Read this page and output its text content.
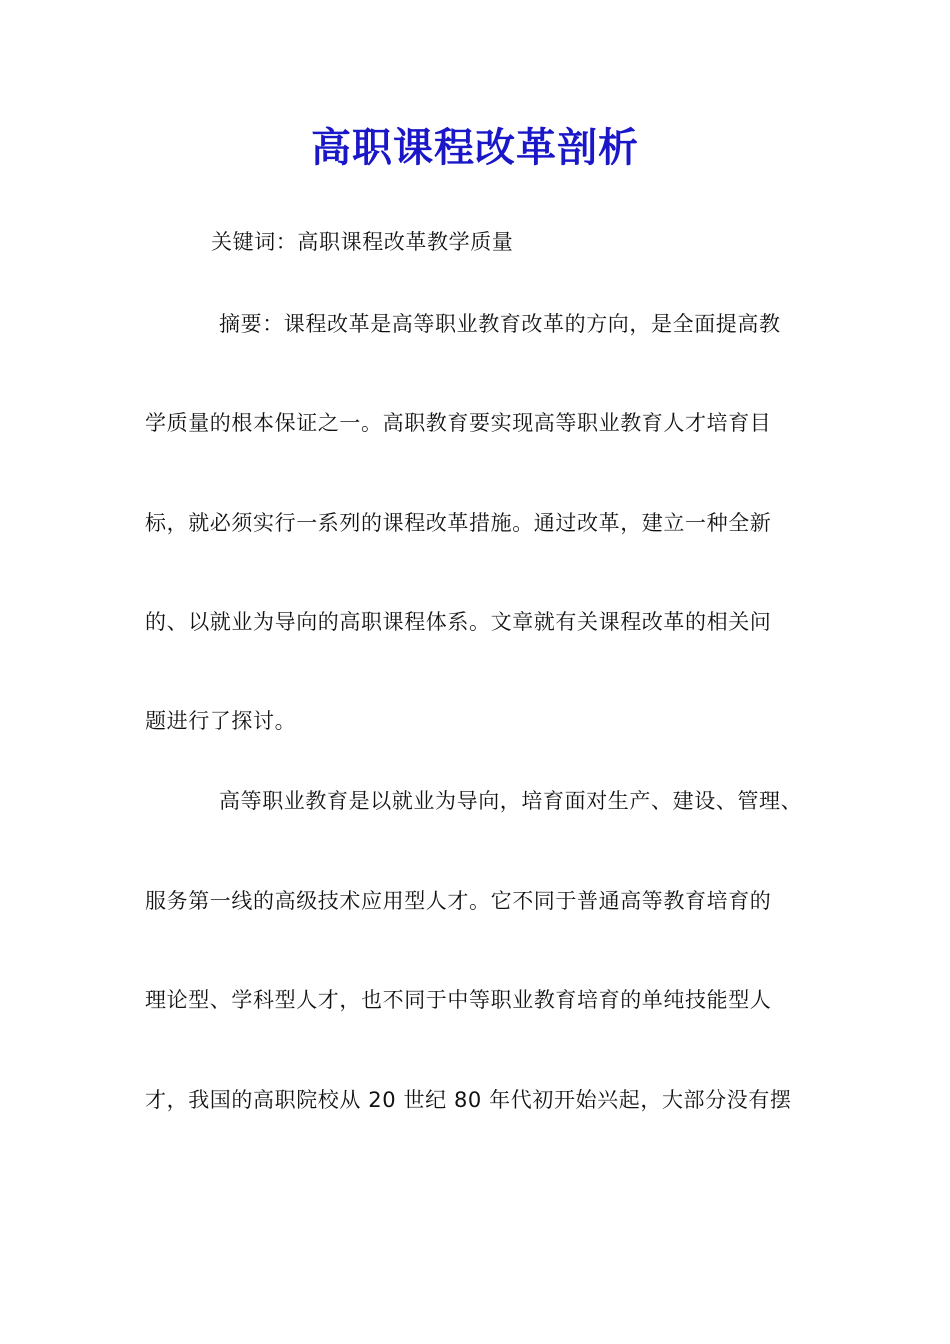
高职课程改革剖析
关键词：高职课程改革教学质量
摘要：课程改革是高等职业教育改革的方向，是全面提高教
学质量的根本保证之一。高职教育要实现高等职业教育人才培育目
标，就必须实行一系列的课程改革措施。通过改革，建立一种全新
的、以就业为导向的高职课程体系。文章就有关课程改革的相关问
题进行了探讨。
高等职业教育是以就业为导向，培育面对生产、建设、管理、
服务第一线的高级技术应用型人才。它不同于普通高等教育培育的
理论型、学科型人才，也不同于中等职业教育培育的单纯技能型人
才，我国的高职院校从 20 世纪 80 年代初开始兴起，大部分没有摆
